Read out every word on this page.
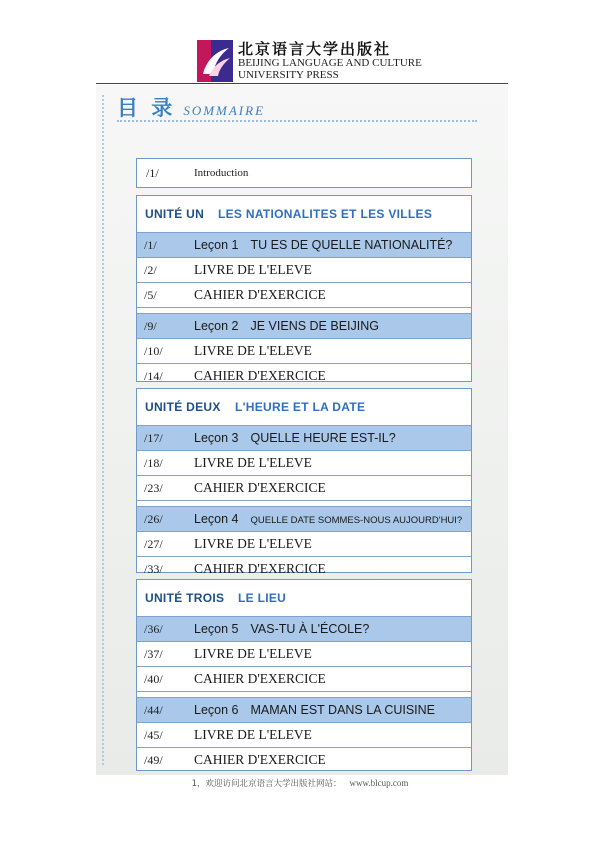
北京语言大学出版社
BEIJING LANGUAGE AND CULTURE
UNIVERSITY PRESS
目 录 SOMMAIRE
/1/	Introduction
UNITÉ UN LES NATIONALITES ET LES VILLES
/1/	Leçon 1 TU ES DE QUELLE NATIONALITÉ?
/2/	LIVRE DE L'ELEVE
/5/	CAHIER D'EXERCICE
/9/	Leçon 2 JE VIENS DE BEIJING
/10/ LIVRE DE L'ELEVE
/14/ CAHIER D'EXERCICE
UNITÉ DEUX L'HEURE ET LA DATE
/17/	Leçon 3 QUELLE HEURE EST-IL?
/18/ LIVRE DE L'ELEVE
/23/ CAHIER D'EXERCICE
/26/	Leçon 4 QUELLE DATE SOMMES-NOUS AUJOURD'HUI?
/27/ LIVRE DE L'ELEVE
/33/ CAHIER D'EXERCICE
UNITÉ TROIS LE LIEU
/36/	Leçon 5 VAS-TU À L'ÉCOLE?
/37/ LIVRE DE L'ELEVE
/40/ CAHIER D'EXERCICE
/44/	Leçon 6 MAMAN EST DANS LA CUISINE
/45/ LIVRE DE L'ELEVE
/49/ CAHIER D'EXERCICE
1，欢迎访问北京语言大学出版社网站： www.blcup.com
